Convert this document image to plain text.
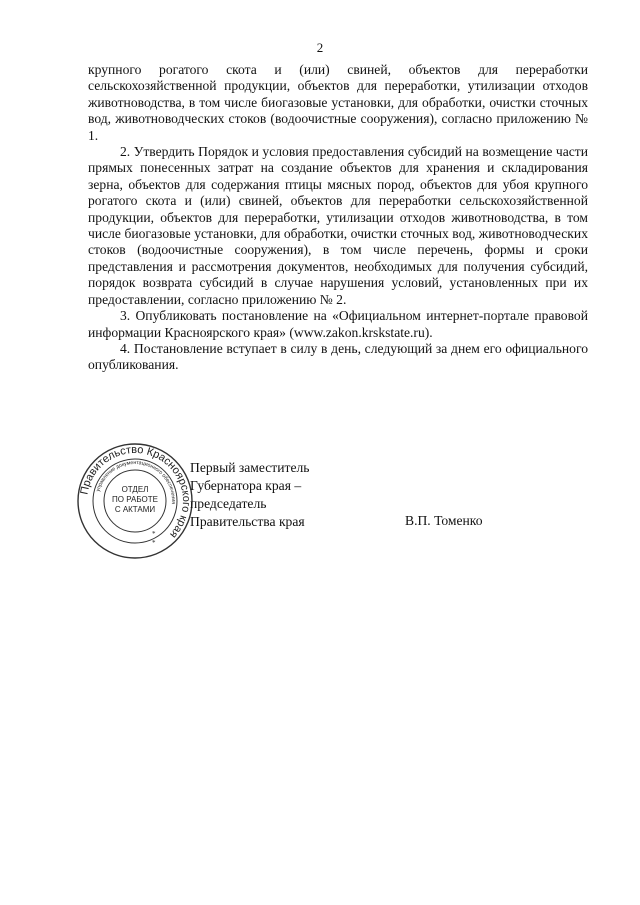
2

крупного рогатого скота и (или) свиней, объектов для переработки сельскохозяйственной продукции, объектов для переработки, утилизации отходов животноводства, в том числе биогазовые установки, для обработки, очистки сточных вод, животноводческих стоков (водоочистные сооружения), согласно приложению № 1.

2. Утвердить Порядок и условия предоставления субсидий на возмещение части прямых понесенных затрат на создание объектов для хранения и складирования зерна, объектов для содержания птицы мясных пород, объектов для убоя крупного рогатого скота и (или) свиней, объектов для переработки сельскохозяйственной продукции, объектов для переработки, утилизации отходов животноводства, в том числе биогазовые установки, для обработки, очистки сточных вод, животноводческих стоков (водоочистные сооружения), в том числе перечень, формы и сроки представления и рассмотрения документов, необходимых для получения субсидий, порядок возврата субсидий в случае нарушения условий, установленных при их предоставлении, согласно приложению № 2.

3. Опубликовать постановление на «Официальном интернет-портале правовой информации Красноярского края» (www.zakon.krskstate.ru).

4. Постановление вступает в силу в день, следующий за днем его официального опубликования.

Правительство Красноярского края
управление документационного обеспечения
ОТДЕЛ
ПО РАБОТЕ
С АКТАМИ
*
*
Первый заместитель
Губернатора края –
председатель
Правительства края	В.П. Томенко
